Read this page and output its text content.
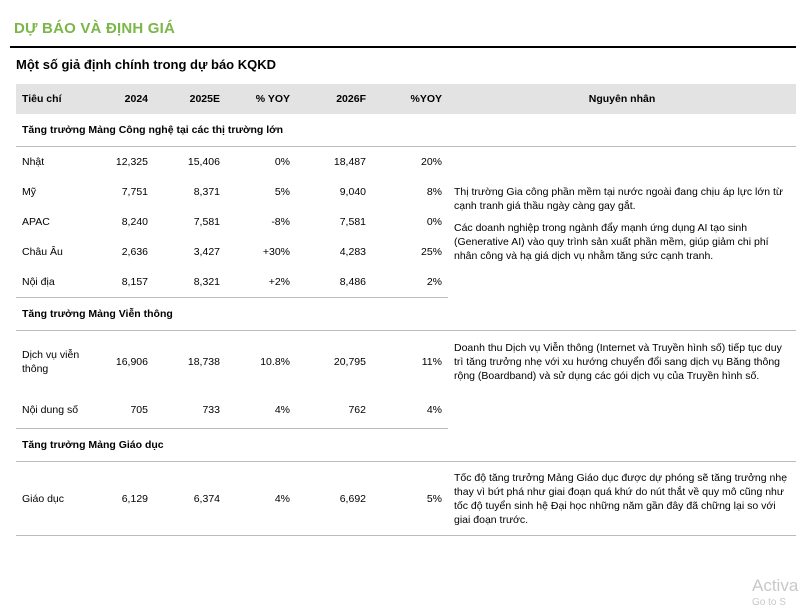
DỰ BÁO VÀ ĐỊNH GIÁ
Một số giả định chính trong dự báo KQKD
Tiêu chí	2024	2025E	% YOY	2026F	%YOY	Nguyên nhân
Tăng trưởng Mảng Công nghệ tại các thị trường lớn						
Nhật	12,325	15,406	0%	18,487	20%	Thị trường Gia công phần mềm tại nước ngoài đang chịu áp lực lớn từ cạnh tranh giá thầu ngày càng gay gắt.
Các doanh nghiệp trong ngành đẩy mạnh ứng dụng AI tạo sinh (Generative AI) vào quy trình sản xuất phần mềm, giúp giảm chi phí nhân công và hạ giá dịch vụ nhằm tăng sức cạnh tranh.

Mỹ	7,751	8,371	5%	9,040	8%	
APAC	8,240	7,581	-8%	7,581	0%	
Châu Âu	2,636	3,427	+30%	4,283	25%	
Nội địa	8,157	8,321	+2%	8,486	2%	
Tăng trưởng Mảng Viễn thông						
Dịch vụ viễn thông	16,906	18,738	10.8%	20,795	11%	Doanh thu Dịch vụ Viễn thông (Internet và Truyền hình số) tiếp tục duy trì tăng trưởng nhẹ với xu hướng chuyển đổi sang dịch vụ Băng thông rộng (Boardband) và sử dụng các gói dịch vụ của Truyền hình số.

Nội dung số	705	733	4%	762	4%	
Tăng trưởng Mảng Giáo dục						
Giáo dục	6,129	6,374	4%	6,692	5%	Tốc độ tăng trưởng Mảng Giáo dục được dự phóng sẽ tăng trưởng nhẹ thay vì bứt phá như giai đoạn quá khứ do nút thắt về quy mô cũng như tốc độ tuyển sinh hệ Đại học những năm gần đây đã chững lại so với giai đoạn trước.
Activa
Go to S
